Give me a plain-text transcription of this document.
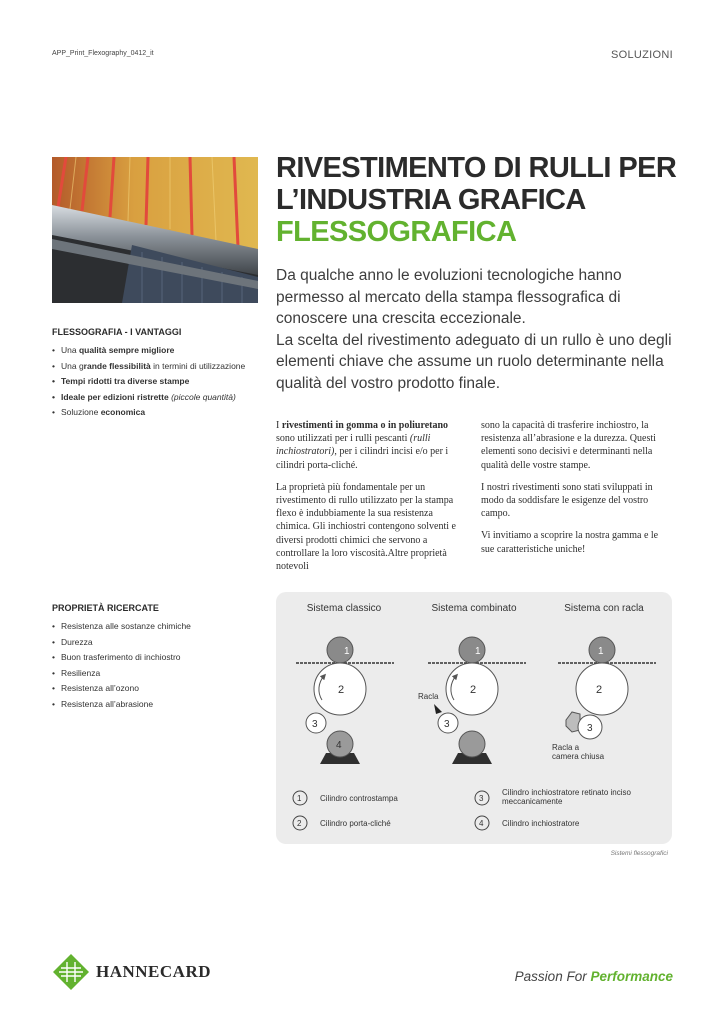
APP_Print_Flexography_0412_it	SOLUZIONI
RIVESTIMENTO DI RULLI PER
L’INDUSTRIA GRAFICA
FLESSOGRAFICA

Da qualche anno le evoluzioni tecnologiche hanno permesso al mercato della stampa flessografica di conoscere una crescita eccezionale.

La scelta del rivestimento adeguato di un rullo è uno degli elementi chiave che assume un ruolo determinante nella qualità del vostro prodotto finale.

FLESSOGRAFIA - I VANTAGGI
• Una qualità sempre migliore
• Una grande flessibilità in termini di utilizzazione
• Tempi ridotti tra diverse stampe
• Ideale per edizioni ristrette (piccole quantità)
• Soluzione economica

I rivestimenti in gomma o in poliuretano sono utilizzati per i rulli pescanti (rulli inchiostratori), per i cilindri incisi e/o per i cilindri porta-cliché.

La proprietà più fondamentale per un rivestimento di rullo utilizzato per la stampa flexo è indubbiamente la sua resistenza chimica. Gli inchiostri contengono solventi e diversi prodotti chimici che servono a controllare la loro viscosità.Altre proprietà notevoli

sono la capacità di trasferire inchiostro, la resistenza all’abrasione e la durezza. Questi elementi sono decisivi e determinanti nella qualità delle vostre stampe.

I nostri rivestimenti sono stati sviluppati in modo da soddisfare le esigenze del vostro campo.

Vi invitiamo a scoprire la nostra gamma e le sue caratteristiche uniche!

PROPRIETÀ RICERCATE
• Resistenza alle sostanze chimiche
• Durezza
• Buon trasferimento di inchiostro
• Resilienza
• Resistenza all’ozono
• Resistenza all’abrasione
Sistema classico	Sistema combinato	Sistema con racla
1
2
3
4
1
2
3
Racla
1
2
3
Racla a
camera chiusa
1 Cilindro controstampa
2 Cilindro porta-cliché
3
Cilindro inchiostratore retinato inciso
meccanicamente
4 Cilindro inchiostratore
Sistemi flessografici
HANNECARD	Passion For Performance
